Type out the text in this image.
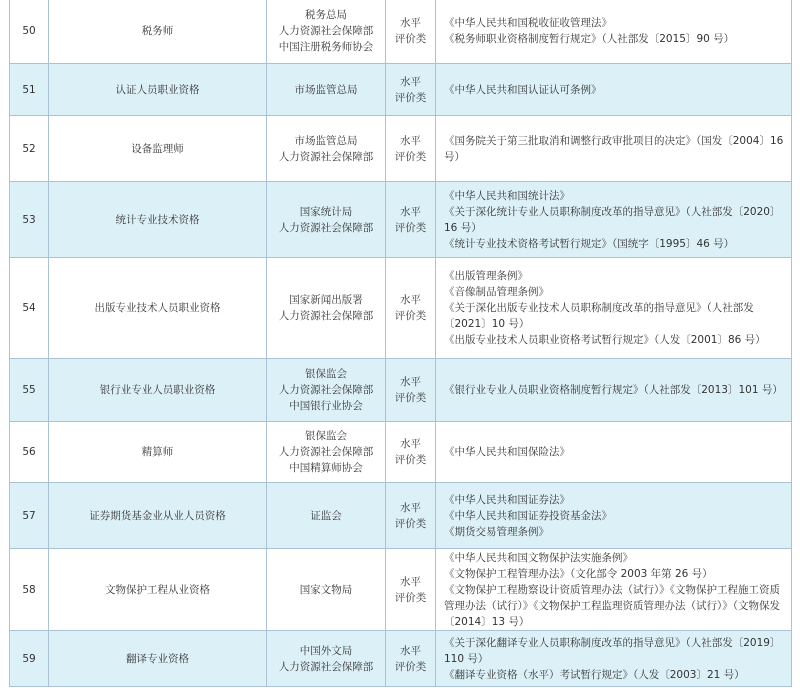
50	税务师	税务总局
人力资源社会保障部
中国注册税务师协会	水平
评价类	《中华人民共和国税收征收管理法》
《税务师职业资格制度暂行规定》（人社部发〔2015〕90 号）

51	认证人员职业资格	市场监管总局	水平
评价类	《中华人民共和国认证认可条例》

52	设备监理师	市场监管总局
人力资源社会保障部	水平
评价类	《国务院关于第三批取消和调整行政审批项目的决定》（国发〔2004〕16 号）

53	统计专业技术资格	国家统计局
人力资源社会保障部	水平
评价类	《中华人民共和国统计法》
《关于深化统计专业人员职称制度改革的指导意见》（人社部发〔2020〕16 号）
《统计专业技术资格考试暂行规定》（国统字〔1995〕46 号）

54	出版专业技术人员职业资格	国家新闻出版署
人力资源社会保障部	水平
评价类	《出版管理条例》
《音像制品管理条例》
《关于深化出版专业技术人员职称制度改革的指导意见》（人社部发〔2021〕10 号）
《出版专业技术人员职业资格考试暂行规定》（人发〔2001〕86 号）

55	银行业专业人员职业资格	银保监会
人力资源社会保障部
中国银行业协会	水平
评价类	《银行业专业人员职业资格制度暂行规定》（人社部发〔2013〕101 号）

56	精算师	银保监会
人力资源社会保障部
中国精算师协会	水平
评价类	《中华人民共和国保险法》

57	证券期货基金业从业人员资格	证监会	水平
评价类	《中华人民共和国证券法》
《中华人民共和国证券投资基金法》
《期货交易管理条例》

58	文物保护工程从业资格	国家文物局	水平
评价类	《中华人民共和国文物保护法实施条例》
《文物保护工程管理办法》（文化部令 2003 年第 26 号）
《文物保护工程勘察设计资质管理办法（试行）》《文物保护工程施工资质管理办法（试行）》《文物保护工程监理资质管理办法（试行）》（文物保发〔2014〕13 号）

59	翻译专业资格	中国外文局
人力资源社会保障部	水平
评价类	《关于深化翻译专业人员职称制度改革的指导意见》（人社部发〔2019〕110 号）
《翻译专业资格（水平）考试暂行规定》（人发〔2003〕21 号）
